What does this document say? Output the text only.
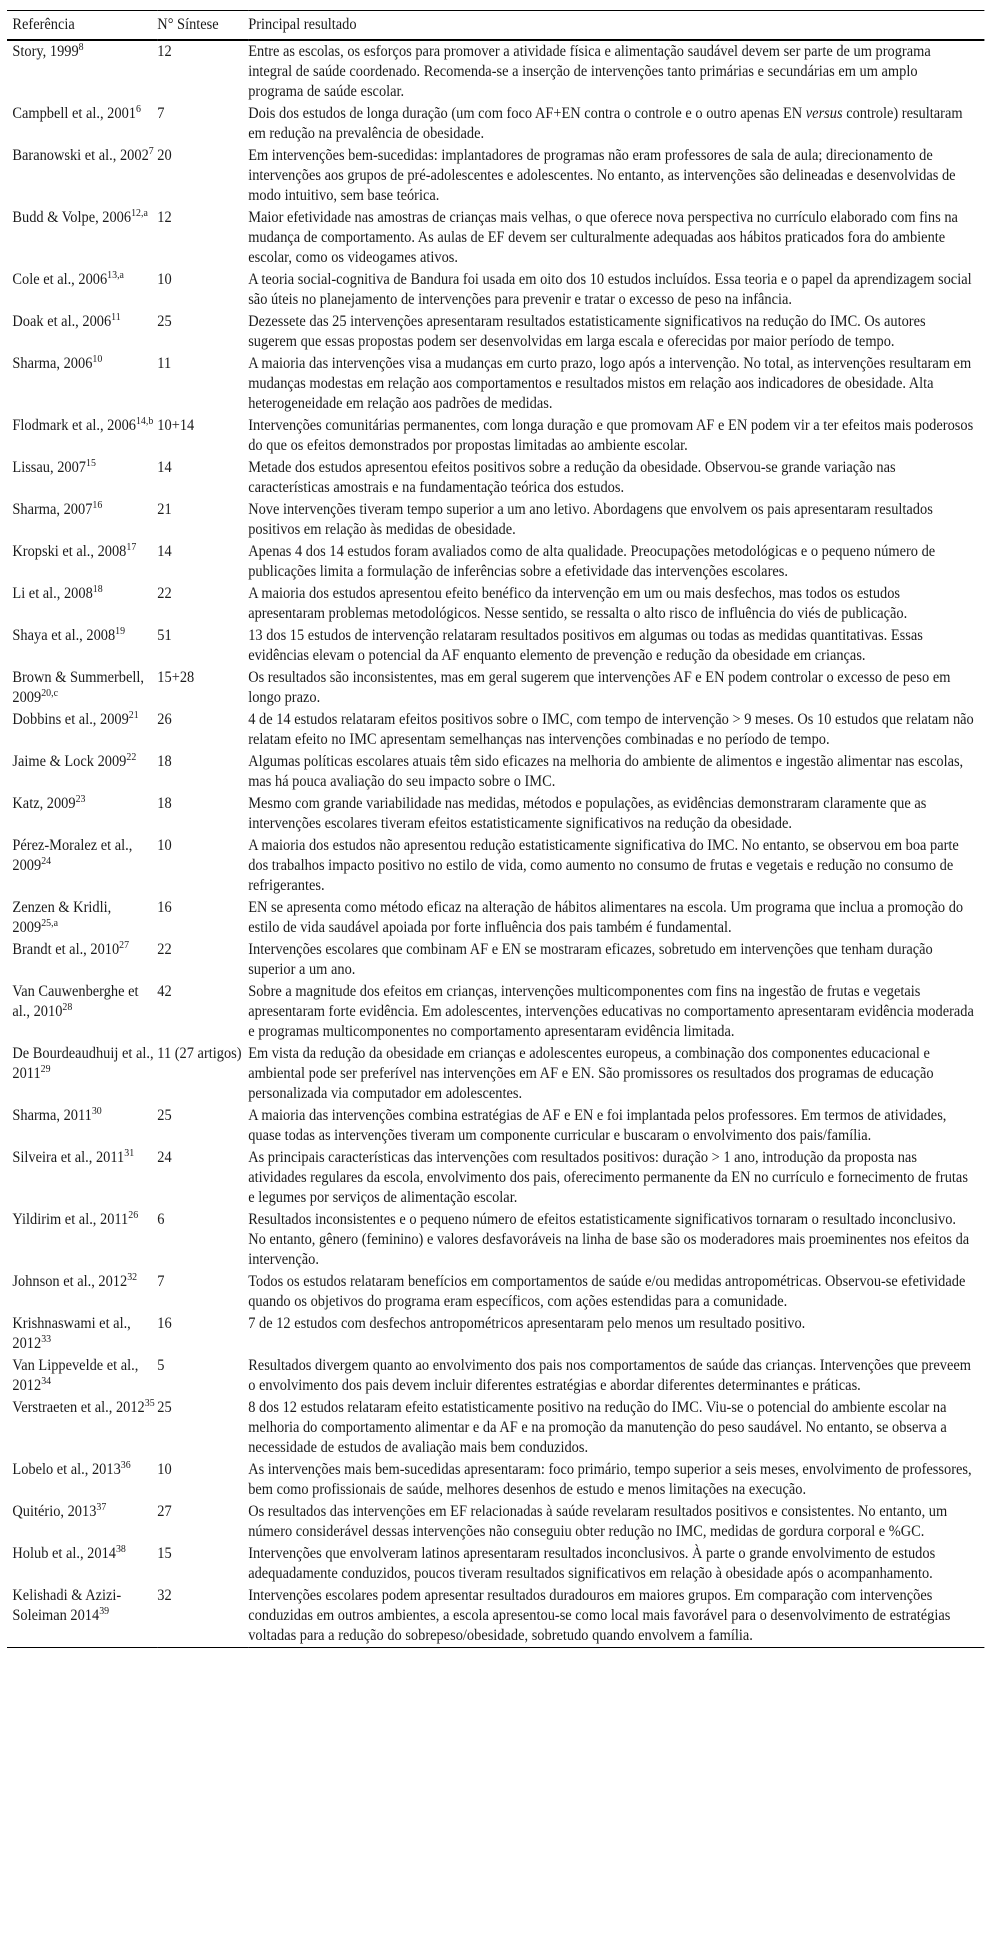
Referência	N° Síntese	Principal resultado
Story, 1999$^8$	12	Entre as escolas, os esforços para promover a atividade física e alimentação saudável devem ser parte de um programa integral de saúde coordenado. Recomenda-se a inserção de intervenções tanto primárias e secundárias em um amplo programa de saúde escolar.
Campbell et al., 2001$^6$	7	Dois dos estudos de longa duração (um com foco AF+EN contra o controle e o outro apenas EN versus controle) resultaram em redução na prevalência de obesidade.
Baranowski et al., 2002$^7$	20	Em intervenções bem-sucedidas: implantadores de programas não eram professores de sala de aula; direcionamento de intervenções aos grupos de pré-adolescentes e adolescentes. No entanto, as intervenções são delineadas e desenvolvidas de modo intuitivo, sem base teórica.
Budd & Volpe, 2006$^{12,a}$	12	Maior efetividade nas amostras de crianças mais velhas, o que oferece nova perspectiva no currículo elaborado com fins na mudança de comportamento. As aulas de EF devem ser culturalmente adequadas aos hábitos praticados fora do ambiente escolar, como os videogames ativos.
Cole et al., 2006$^{13,a}$	10	A teoria social-cognitiva de Bandura foi usada em oito dos 10 estudos incluídos. Essa teoria e o papel da aprendizagem social são úteis no planejamento de intervenções para prevenir e tratar o excesso de peso na infância.
Doak et al., 2006$^{11}$	25	Dezessete das 25 intervenções apresentaram resultados estatisticamente significativos na redução do IMC. Os autores sugerem que essas propostas podem ser desenvolvidas em larga escala e oferecidas por maior período de tempo.
Sharma, 2006$^{10}$	11	A maioria das intervenções visa a mudanças em curto prazo, logo após a intervenção. No total, as intervenções resultaram em mudanças modestas em relação aos comportamentos e resultados mistos em relação aos indicadores de obesidade. Alta heterogeneidade em relação aos padrões de medidas.
Flodmark et al., 2006$^{14,b}$	10+14	Intervenções comunitárias permanentes, com longa duração e que promovam AF e EN podem vir a ter efeitos mais poderosos do que os efeitos demonstrados por propostas limitadas ao ambiente escolar.
Lissau, 2007$^{15}$	14	Metade dos estudos apresentou efeitos positivos sobre a redução da obesidade. Observou-se grande variação nas características amostrais e na fundamentação teórica dos estudos.
Sharma, 2007$^{16}$	21	Nove intervenções tiveram tempo superior a um ano letivo. Abordagens que envolvem os pais apresentaram resultados positivos em relação às medidas de obesidade.
Kropski et al., 2008$^{17}$	14	Apenas 4 dos 14 estudos foram avaliados como de alta qualidade. Preocupações metodológicas e o pequeno número de publicações limita a formulação de inferências sobre a efetividade das intervenções escolares.
Li et al., 2008$^{18}$	22	A maioria dos estudos apresentou efeito benéfico da intervenção em um ou mais desfechos, mas todos os estudos apresentaram problemas metodológicos. Nesse sentido, se ressalta o alto risco de influência do viés de publicação.
Shaya et al., 2008$^{19}$	51	13 dos 15 estudos de intervenção relataram resultados positivos em algumas ou todas as medidas quantitativas. Essas evidências elevam o potencial da AF enquanto elemento de prevenção e redução da obesidade em crianças.
Brown & Summerbell, 2009$^{20,c}$	15+28	Os resultados são inconsistentes, mas em geral sugerem que intervenções AF e EN podem controlar o excesso de peso em longo prazo.
Dobbins et al., 2009$^{21}$	26	4 de 14 estudos relataram efeitos positivos sobre o IMC, com tempo de intervenção > 9 meses. Os 10 estudos que relatam não relatam efeito no IMC apresentam semelhanças nas intervenções combinadas e no período de tempo.
Jaime & Lock 2009$^{22}$	18	Algumas políticas escolares atuais têm sido eficazes na melhoria do ambiente de alimentos e ingestão alimentar nas escolas, mas há pouca avaliação do seu impacto sobre o IMC.
Katz, 2009$^{23}$	18	Mesmo com grande variabilidade nas medidas, métodos e populações, as evidências demonstraram claramente que as intervenções escolares tiveram efeitos estatisticamente significativos na redução da obesidade.
Pérez-Moralez et al., 2009$^{24}$	10	A maioria dos estudos não apresentou redução estatisticamente significativa do IMC. No entanto, se observou em boa parte dos trabalhos impacto positivo no estilo de vida, como aumento no consumo de frutas e vegetais e redução no consumo de refrigerantes.
Zenzen & Kridli, 2009$^{25,a}$	16	EN se apresenta como método eficaz na alteração de hábitos alimentares na escola. Um programa que inclua a promoção do estilo de vida saudável apoiada por forte influência dos pais também é fundamental.
Brandt et al., 2010$^{27}$	22	Intervenções escolares que combinam AF e EN se mostraram eficazes, sobretudo em intervenções que tenham duração superior a um ano.
Van Cauwenberghe et al., 2010$^{28}$	42	Sobre a magnitude dos efeitos em crianças, intervenções multicomponentes com fins na ingestão de frutas e vegetais apresentaram forte evidência. Em adolescentes, intervenções educativas no comportamento apresentaram evidência moderada e programas multicomponentes no comportamento apresentaram evidência limitada.
De Bourdeaudhuij et al., 2011$^{29}$	11 (27 artigos)	Em vista da redução da obesidade em crianças e adolescentes europeus, a combinação dos componentes educacional e ambiental pode ser preferível nas intervenções em AF e EN. São promissores os resultados dos programas de educação personalizada via computador em adolescentes.
Sharma, 2011$^{30}$	25	A maioria das intervenções combina estratégias de AF e EN e foi implantada pelos professores. Em termos de atividades, quase todas as intervenções tiveram um componente curricular e buscaram o envolvimento dos pais/família.
Silveira et al., 2011$^{31}$	24	As principais características das intervenções com resultados positivos: duração > 1 ano, introdução da proposta nas atividades regulares da escola, envolvimento dos pais, oferecimento permanente da EN no currículo e fornecimento de frutas e legumes por serviços de alimentação escolar.
Yildirim et al., 2011$^{26}$	6	Resultados inconsistentes e o pequeno número de efeitos estatisticamente significativos tornaram o resultado inconclusivo. No entanto, gênero (feminino) e valores desfavoráveis na linha de base são os moderadores mais proeminentes nos efeitos da intervenção.
Johnson et al., 2012$^{32}$	7	Todos os estudos relataram benefícios em comportamentos de saúde e/ou medidas antropométricas. Observou-se efetividade quando os objetivos do programa eram específicos, com ações estendidas para a comunidade.
Krishnaswami et al., 2012$^{33}$	16	7 de 12 estudos com desfechos antropométricos apresentaram pelo menos um resultado positivo.
Van Lippevelde et al., 2012$^{34}$	5	Resultados divergem quanto ao envolvimento dos pais nos comportamentos de saúde das crianças. Intervenções que preveem o envolvimento dos pais devem incluir diferentes estratégias e abordar diferentes determinantes e práticas.
Verstraeten et al., 2012$^{35}$	25	8 dos 12 estudos relataram efeito estatisticamente positivo na redução do IMC. Viu-se o potencial do ambiente escolar na melhoria do comportamento alimentar e da AF e na promoção da manutenção do peso saudável. No entanto, se observa a necessidade de estudos de avaliação mais bem conduzidos.
Lobelo et al., 2013$^{36}$	10	As intervenções mais bem-sucedidas apresentaram: foco primário, tempo superior a seis meses, envolvimento de professores, bem como profissionais de saúde, melhores desenhos de estudo e menos limitações na execução.
Quitério, 2013$^{37}$	27	Os resultados das intervenções em EF relacionadas à saúde revelaram resultados positivos e consistentes. No entanto, um número considerável dessas intervenções não conseguiu obter redução no IMC, medidas de gordura corporal e %GC.
Holub et al., 2014$^{38}$	15	Intervenções que envolveram latinos apresentaram resultados inconclusivos. À parte o grande envolvimento de estudos adequadamente conduzidos, poucos tiveram resultados significativos em relação à obesidade após o acompanhamento.
Kelishadi & Azizi-Soleiman 2014$^{39}$	32	Intervenções escolares podem apresentar resultados duradouros em maiores grupos. Em comparação com intervenções conduzidas em outros ambientes, a escola apresentou-se como local mais favorável para o desenvolvimento de estratégias voltadas para a redução do sobrepeso/obesidade, sobretudo quando envolvem a família.
